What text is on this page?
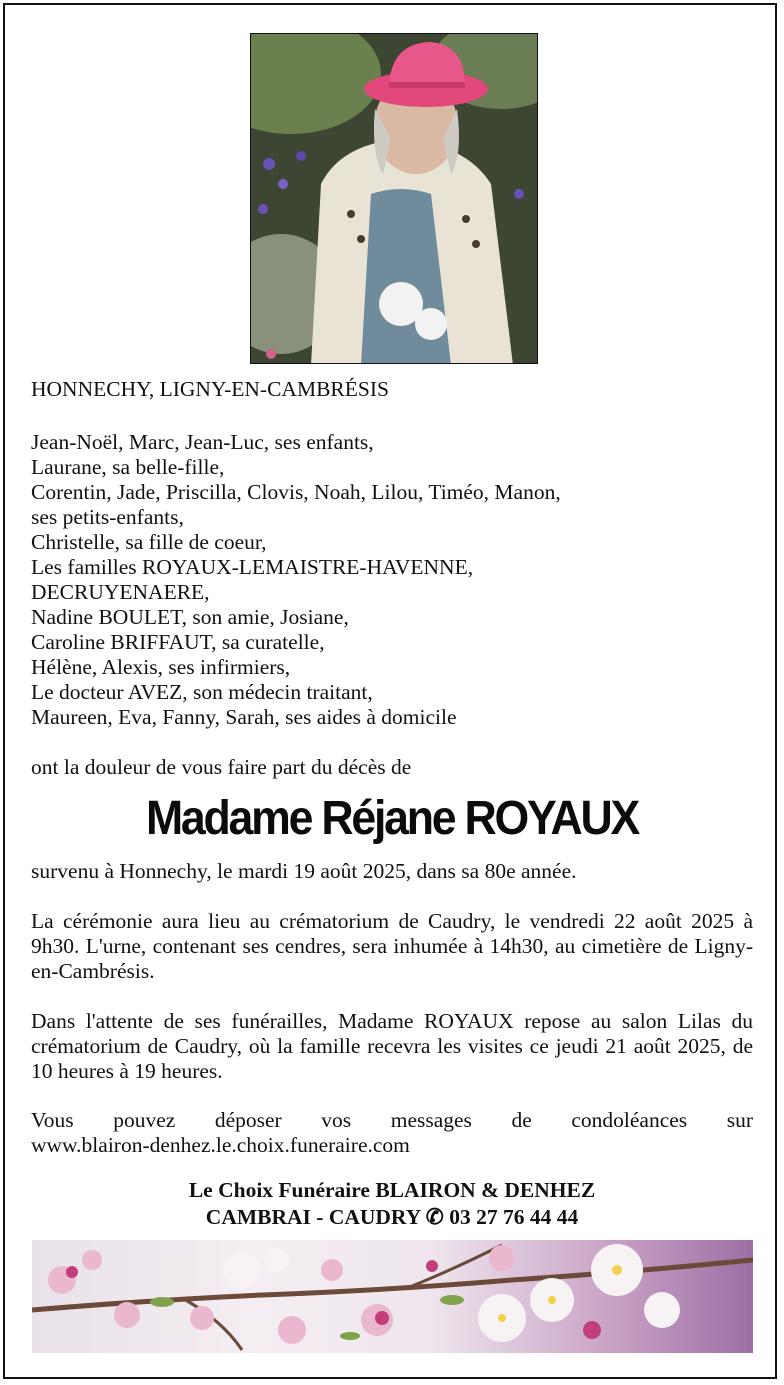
HONNECHY, LIGNY-EN-CAMBRÉSIS
Jean-Noël, Marc, Jean-Luc, ses enfants,
Laurane, sa belle-fille,
Corentin, Jade, Priscilla, Clovis, Noah, Lilou, Timéo, Manon,
ses petits-enfants,
Christelle, sa fille de coeur,
Les familles ROYAUX-LEMAISTRE-HAVENNE,
DECRUYENAERE,
Nadine BOULET, son amie, Josiane,
Caroline BRIFFAUT, sa curatelle,
Hélène, Alexis, ses infirmiers,
Le docteur AVEZ, son médecin traitant,
Maureen, Eva, Fanny, Sarah, ses aides à domicile
ont la douleur de vous faire part du décès de
Madame Réjane ROYAUX
survenu à Honnechy, le mardi 19 août 2025, dans sa 80e année.
La cérémonie aura lieu au crématorium de Caudry, le vendredi 22 août 2025 à 9h30. L'urne, contenant ses cendres, sera inhumée à 14h30, au cimetière de Ligny-en-Cambrésis.
Dans l'attente de ses funérailles, Madame ROYAUX repose au salon Lilas du crématorium de Caudry, où la famille recevra les visites ce jeudi 21 août 2025, de 10 heures à 19 heures.
Vous pouvez déposer vos messages de condoléances sur
www.blairon-denhez.le.choix.funeraire.com
Le Choix Funéraire BLAIRON & DENHEZ
CAMBRAI - CAUDRY ✆ 03 27 76 44 44
